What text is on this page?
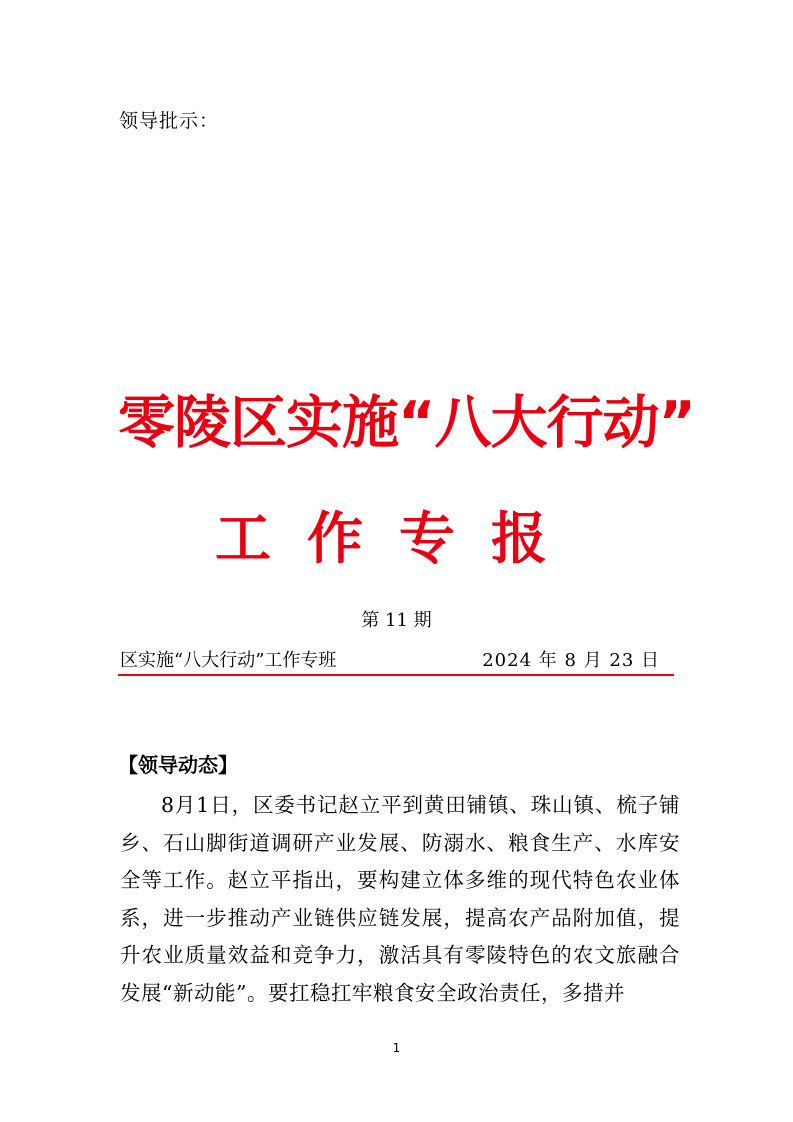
领导批示：
零陵区实施“八大行动”
工作专报
第 11 期
区实施“八大行动”工作专班	2024 年 8 月 23 日
【领导动态】
8月1日，区委书记赵立平到黄田铺镇、珠山镇、梳子铺乡、石山脚街道调研产业发展、防溺水、粮食生产、水库安全等工作。赵立平指出，要构建立体多维的现代特色农业体系，进一步推动产业链供应链发展，提高农产品附加值，提升农业质量效益和竞争力，激活具有零陵特色的农文旅融合发展“新动能”。要扛稳扛牢粮食安全政治责任，多措并
1
